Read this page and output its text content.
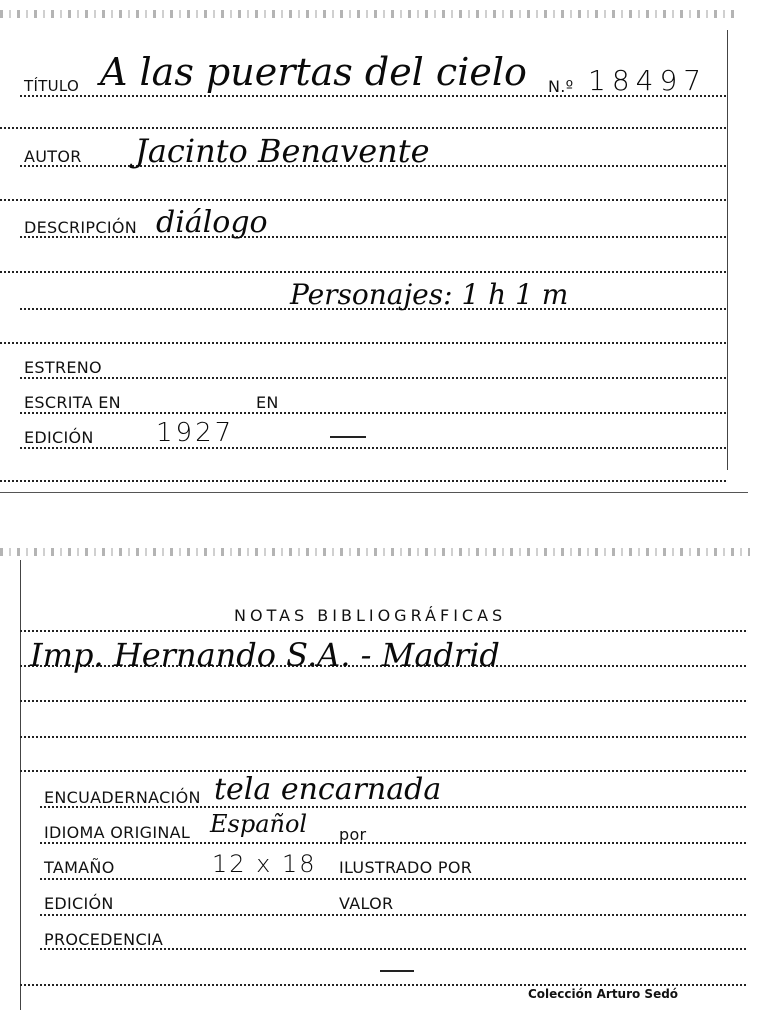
TÍTULO A las puertas del cielo N.º 18497
AUTOR Jacinto Benavente
DESCRIPCIÓN diálogo
Personajes: 1 h 1 m
ESTRENO
ESCRITA EN	EN
EDICIÓN 1927
NOTAS BIBLIOGRÁFICAS
Imp. Hernando S.A. - Madrid
ENCUADERNACIÓN tela encarnada
IDIOMA ORIGINAL Español por
TAMAÑO	12 x 18 ILUSTRADO POR
EDICIÓN	VALOR
PROCEDENCIA
Colección Arturo Sedó
